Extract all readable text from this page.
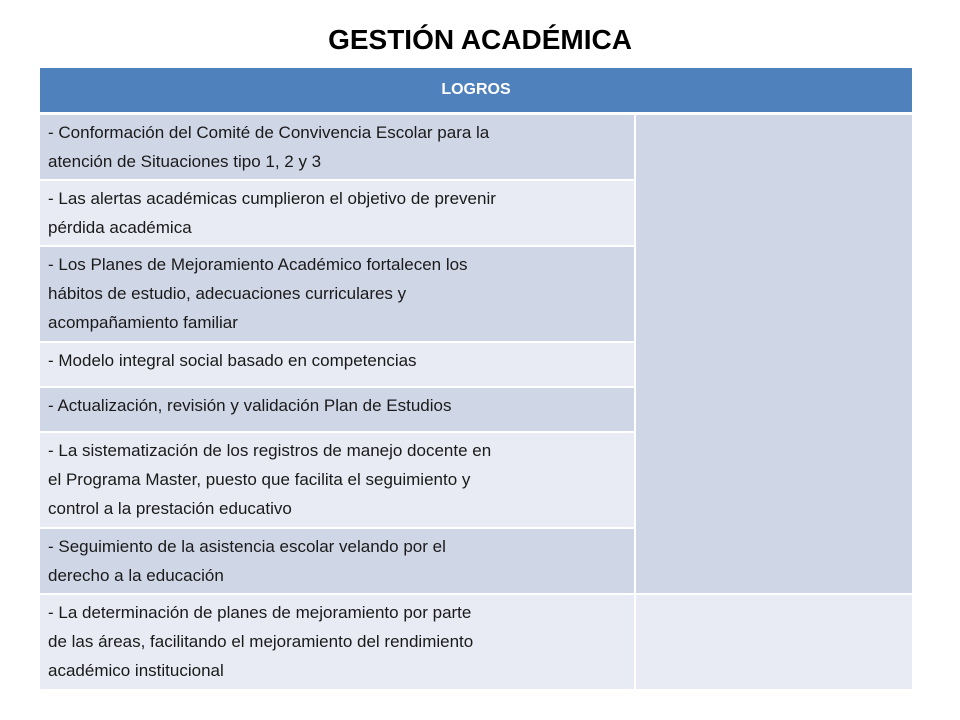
GESTIÓN ACADÉMICA
LOGROS	

- Conformación del Comité de Convivencia Escolar para la
atención de Situaciones tipo 1, 2 y 3	

- Las alertas académicas cumplieron el objetivo de prevenir
pérdida académica	

- Los Planes de Mejoramiento Académico fortalecen los
hábitos de estudio, adecuaciones curriculares y
acompañamiento familiar	

- Modelo integral social basado en competencias	

- Actualización, revisión y validación Plan de Estudios	

- La sistematización de los registros de manejo docente en
el Programa Master, puesto que facilita el seguimiento y
control a la prestación educativo	

- Seguimiento de la asistencia escolar velando por el
derecho a la educación	

- La determinación de planes de mejoramiento por parte
de las áreas, facilitando el mejoramiento del rendimiento
académico institucional	
